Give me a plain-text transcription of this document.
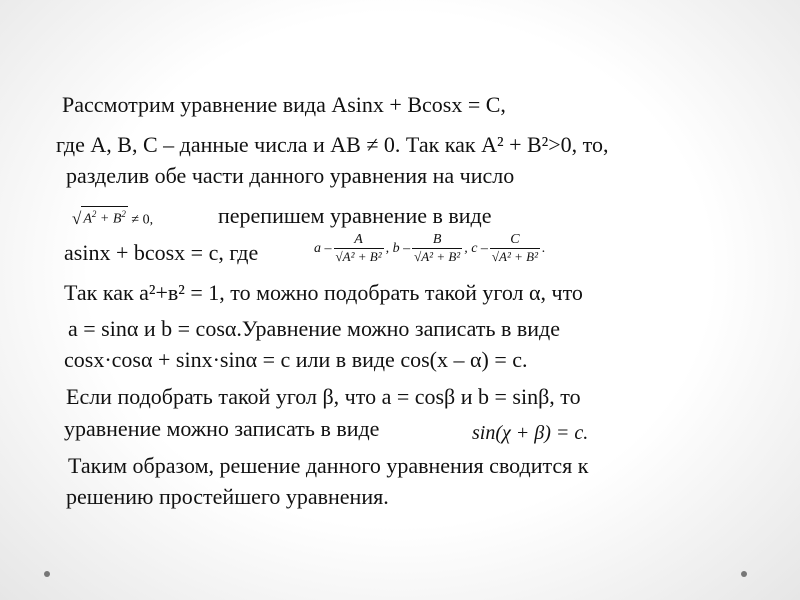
Рассмотрим уравнение вида Asinx + Bcosx = C,
где А, В, С – данные числа и АВ ≠ 0. Так как А² + В²>0, то,
разделив обе части данного уравнения на число
√ $A^2 + B^2 \ne 0$,	перепишем уравнение в виде
asinx + bcosx = c, где	a – $\frac{A}{\text{√A² + B²}}$ , b – $\frac{B}{\text{√A² + B²}}$ , c – $\frac{C}{\text{√A² + B²}}$ .
Так как a²+в² = 1, то можно подобрать такой угол α, что
a = sinα и b = cosα.Уравнение можно записать в виде
cosx·cosα + sinx·sinα = c или в виде cos(x – α) = c.
Если подобрать такой угол β, что a = cosβ и b = sinβ, то
уравнение можно записать в виде	sin(χ + β) = c.
Таким образом, решение данного уравнения сводится к
решению простейшего уравнения.
